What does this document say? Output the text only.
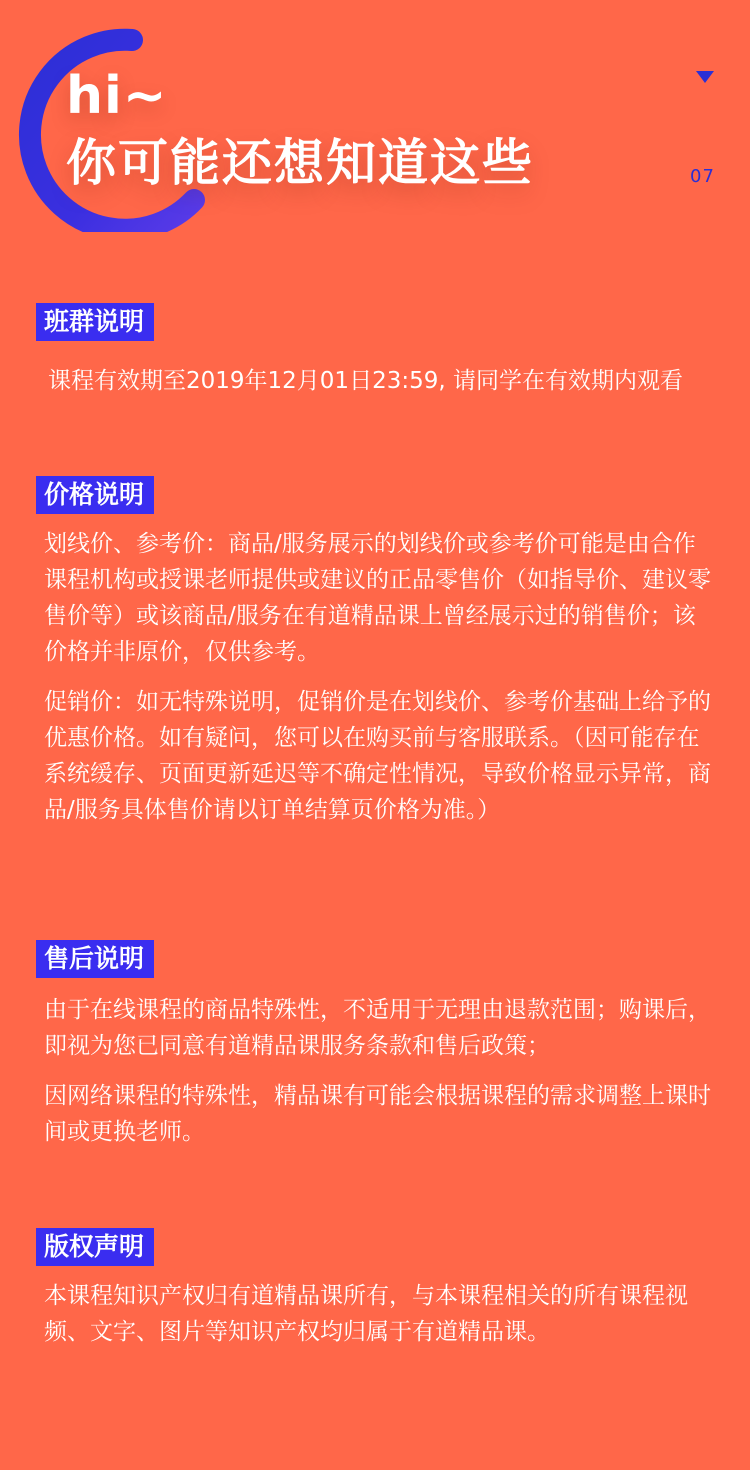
hi~
你可能还想知道这些	07
班群说明

课程有效期至2019年12月01日23:59, 请同学在有效期内观看

价格说明

划线价、参考价：商品/服务展示的划线价或参考价可能是由合作课程机构或授课老师提供或建议的正品零售价（如指导价、建议零售价等）或该商品/服务在有道精品课上曾经展示过的销售价；该价格并非原价，仅供参考。

促销价：如无特殊说明，促销价是在划线价、参考价基础上给予的优惠价格。如有疑问，您可以在购买前与客服联系。（因可能存在系统缓存、页面更新延迟等不确定性情况，导致价格显示异常，商品/服务具体售价请以订单结算页价格为准。）

售后说明

由于在线课程的商品特殊性，不适用于无理由退款范围；购课后，即视为您已同意有道精品课服务条款和售后政策；

因网络课程的特殊性，精品课有可能会根据课程的需求调整上课时间或更换老师。

版权声明

本课程知识产权归有道精品课所有，与本课程相关的所有课程视频、文字、图片等知识产权均归属于有道精品课。
